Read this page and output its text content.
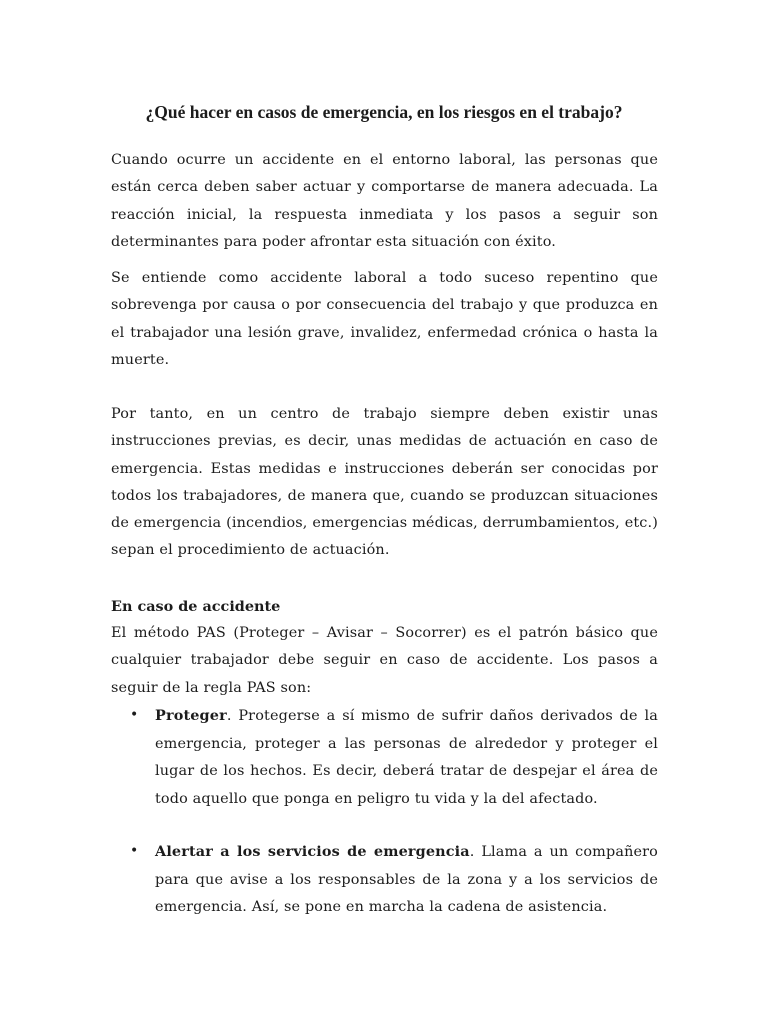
¿Qué hacer en casos de emergencia, en los riesgos en el trabajo?

Cuando ocurre un accidente en el entorno laboral, las personas que están cerca deben saber actuar y comportarse de manera adecuada. La reacción inicial, la respuesta inmediata y los pasos a seguir son determinantes para poder afrontar esta situación con éxito.

Se entiende como accidente laboral a todo suceso repentino que sobrevenga por causa o por consecuencia del trabajo y que produzca en el trabajador una lesión grave, invalidez, enfermedad crónica o hasta la muerte.

Por tanto, en un centro de trabajo siempre deben existir unas instrucciones previas, es decir, unas medidas de actuación en caso de emergencia. Estas medidas e instrucciones deberán ser conocidas por todos los trabajadores, de manera que, cuando se produzcan situaciones de emergencia (incendios, emergencias médicas, derrumbamientos, etc.) sepan el procedimiento de actuación.

En caso de accidente

El método PAS (Proteger – Avisar – Socorrer) es el patrón básico que cualquier trabajador debe seguir en caso de accidente. Los pasos a seguir de la regla PAS son:

• Proteger. Protegerse a sí mismo de sufrir daños derivados de la emergencia, proteger a las personas de alrededor y proteger el lugar de los hechos. Es decir, deberá tratar de despejar el área de todo aquello que ponga en peligro tu vida y la del afectado.

• Alertar a los servicios de emergencia. Llama a un compañero para que avise a los responsables de la zona y a los servicios de emergencia. Así, se pone en marcha la cadena de asistencia.
